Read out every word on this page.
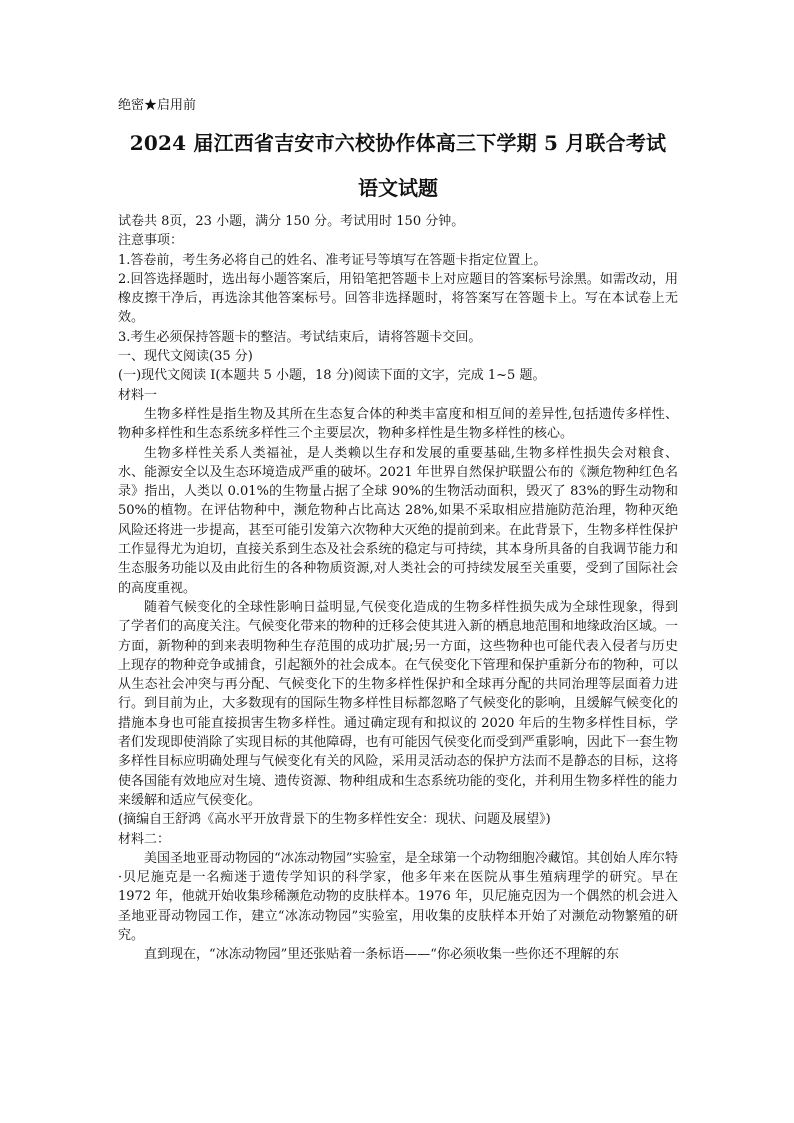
绝密★启用前

2024 届江西省吉安市六校协作体高三下学期 5 月联合考试

语文试题

试卷共 8页，23 小题，满分 150 分。考试用时 150 分钟。

注意事项：

1.答卷前，考生务必将自己的姓名、准考证号等填写在答题卡指定位置上。

2.回答选择题时，选出每小题答案后，用铅笔把答题卡上对应题目的答案标号涂黑。如需改动，用橡皮擦干净后，再选涂其他答案标号。回答非选择题时，将答案写在答题卡上。写在本试卷上无效。

3.考生必须保持答题卡的整洁。考试结束后，请将答题卡交回。

一、现代文阅读(35 分)

(一)现代文阅读 I(本题共 5 小题，18 分)阅读下面的文字，完成 1~5 题。

材料一

生物多样性是指生物及其所在生态复合体的种类丰富度和相互间的差异性,包括遗传多样性、物种多样性和生态系统多样性三个主要层次，物种多样性是生物多样性的核心。

生物多样性关系人类福祉，是人类赖以生存和发展的重要基础,生物多样性损失会对粮食、水、能源安全以及生态环境造成严重的破坏。2021 年世界自然保护联盟公布的《濒危物种红色名录》指出，人类以 0.01%的生物量占据了全球 90%的生物活动面积，毁灭了 83%的野生动物和50%的植物。在评估物种中，濒危物种占比高达 28%,如果不采取相应措施防范治理，物种灭绝风险还将进一步提高，甚至可能引发第六次物种大灭绝的提前到来。在此背景下，生物多样性保护工作显得尤为迫切，直接关系到生态及社会系统的稳定与可持续，其本身所具备的自我调节能力和生态服务功能以及由此衍生的各种物质资源,对人类社会的可持续发展至关重要，受到了国际社会的高度重视。

随着气候变化的全球性影响日益明显,气侯变化造成的生物多样性损失成为全球性现象，得到了学者们的高度关注。气候变化带来的物种的迁移会使其进入新的栖息地范围和地缘政治区域。一方面，新物种的到来表明物种生存范围的成功扩展;另一方面，这些物种也可能代表入侵者与历史上现存的物种竞争或捕食，引起额外的社会成本。在气侯变化下管理和保护重新分布的物种，可以从生态社会冲突与再分配、气候变化下的生物多样性保护和全球再分配的共同治理等层面着力进行。到目前为止，大多数现有的国际生物多样性目标都忽略了气候变化的影响，且缓解气候变化的措施本身也可能直接损害生物多样性。通过确定现有和拟议的 2020 年后的生物多样性目标，学者们发现即使消除了实现目标的其他障碍，也有可能因气侯变化而受到严重影响，因此下一套生物多样性目标应明确处理与气候变化有关的风险，采用灵活动态的保护方法而不是静态的目标，这将使各国能有效地应对生境、遗传资源、物种组成和生态系统功能的变化，并利用生物多样性的能力来缓解和适应气侯变化。

(摘编自王舒鸿《高水平开放背景下的生物多样性安全：现状、问题及展望》)

材料二：

美国圣地亚哥动物园的“冰冻动物园”实验室，是全球第一个动物细胞冷藏馆。其创始人库尔特·贝尼施克是一名痴迷于遗传学知识的科学家，他多年来在医院从事生殖病理学的研究。早在 1972 年，他就开始收集珍稀濒危动物的皮肤样本。1976 年，贝尼施克因为一个偶然的机会进入圣地亚哥动物园工作，建立“冰冻动物园”实验室，用收集的皮肤样本开始了对濒危动物繁殖的研究。

直到现在，“冰冻动物园”里还张贴着一条标语——“你必须收集一些你还不理解的东
